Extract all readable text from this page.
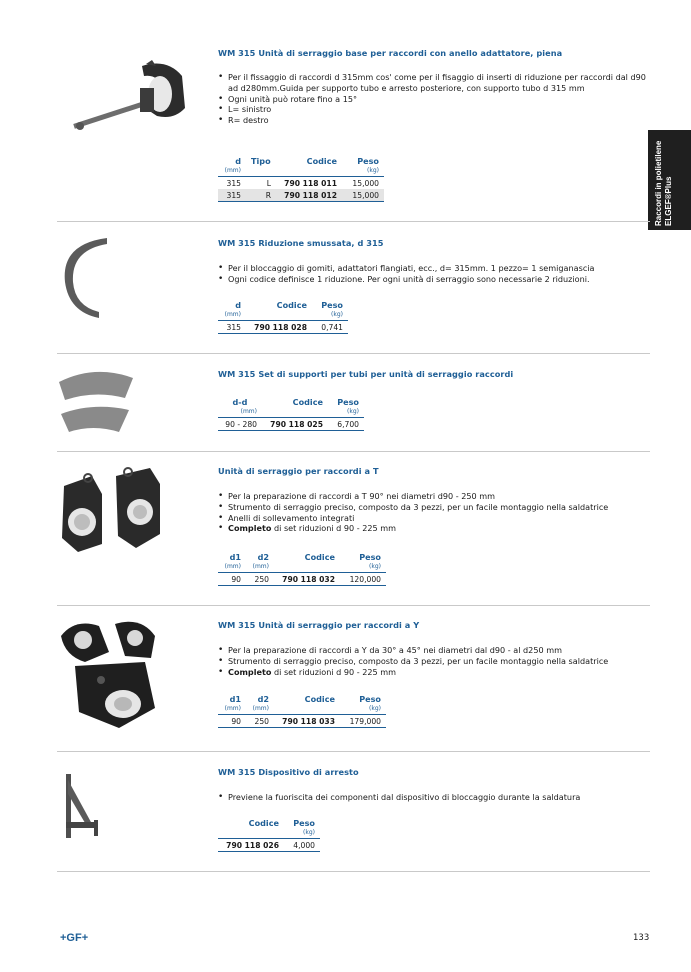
Raccordi in polietilene ELGEF®Plus
WM 315 Unità di serraggio base per raccordi con anello adattatore, piena
• Per il fissaggio di raccordi d 315mm cos' come per il fisaggio di inserti di riduzione per raccordi dal d90 ad d280mm.Guida per supporto tubo e arresto posteriore, con supporto tubo d 315 mm
• Ogni unità può rotare fino a 15°
• L= sinistro
• R= destro
d	Tipo	Codice	Peso
(mm)			(kg)
315	L	790 118 011	15,000
315	R	790 118 012	15,000
WM 315 Riduzione smussata, d 315
• Per il bloccaggio di gomiti, adattatori flangiati, ecc., d= 315mm. 1 pezzo= 1 semiganascia
• Ogni codice definisce 1 riduzione. Per ogni unità di serraggio sono necessarie 2 riduzioni.
d	Codice	Peso
(mm)		(kg)
315	790 118 028	0,741
WM 315 Set di supporti per tubi per unità di serraggio raccordi
d-d	Codice	Peso
(mm)		(kg)
90 - 280	790 118 025	6,700
Unità di serraggio per raccordi a T
• Per la preparazione di raccordi a T 90° nei diametri d90 - 250 mm
• Strumento di serraggio preciso, composto da 3 pezzi, per un facile montaggio nella saldatrice
• Anelli di sollevamento integrati
• Completo di set riduzioni d 90 - 225 mm
d1	d2	Codice	Peso
(mm)	(mm)		(kg)
90	250	790 118 032	120,000
WM 315 Unità di serraggio per raccordi a Y
• Per la preparazione di raccordi a Y da 30° a 45° nei diametri dal d90 - al d250 mm
• Strumento di serraggio preciso, composto da 3 pezzi, per un facile montaggio nella saldatrice
• Completo di set riduzioni d 90 - 225 mm
d1	d2	Codice	Peso
(mm)	(mm)		(kg)
90	250	790 118 033	179,000
WM 315 Dispositivo di arresto
• Previene la fuoriscita dei componenti dal dispositivo di bloccaggio durante la saldatura
Codice	Peso
	(kg)
790 118 026	4,000
+GF+	133
